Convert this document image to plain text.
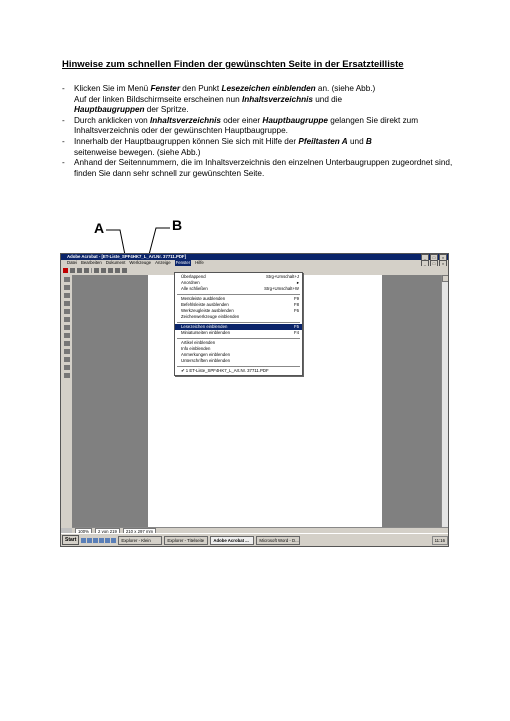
Hinweise zum schnellen Finden der gewünschten Seite in der Ersatzteilliste
- Klicken Sie im Menü Fenster den Punkt Lesezeichen einblenden an. (siehe Abb.)
Auf der linken Bildschirmseite erscheinen nun Inhaltsverzeichnis und die
Hauptbaugruppen der Spritze.
- Durch anklicken von Inhaltsverzeichnis oder einer Hauptbaugruppe gelangen Sie direkt zum Inhaltsverzeichnis oder der gewünschten Hauptbaugruppe.
- Innerhalb der Hauptbaugruppen können Sie sich mit Hilfe der Pfeiltasten A und B
seitenweise bewegen. (siehe Abb.)
- Anhand der Seitennummern, die im Inhaltsverzeichnis den einzelnen Unterbaugruppen zugeordnet sind, finden Sie dann sehr schnell zur gewünschten Seite.
A	B
Adobe Acrobat - [ET-Liste_SPF4HK7_L_Art.Nr. 37711.PDF]	_	□	×
Datei Bearbeiten Dokument Werkzeuge Anzeige Fenster Hilfe	_	□	×
100%	2 von 219	210 x 297 mm
Start	Explorer - Klein	Explorer - Titelseite	Adobe Acrobat ...	Microsoft Word - D...	11:16
Überlappend	Strg+Umschalt+J
Anordnen	▸
Alle schließen	Strg+Umschalt+W
Menüleiste ausblenden	F9
Befehlsleiste ausblenden	F8
Werkzeugleiste ausblenden	F6
Zeichenwerkzeuge einblenden
Lesezeichen einblenden	F5
Miniaturseiten einblenden	F4
Artikel einblenden
Info einblenden
Anmerkungen einblenden
Unterschriften einblenden
✔ 1 ET-Liste_SPF4HK7_L_Art.Nr. 37711.PDF
